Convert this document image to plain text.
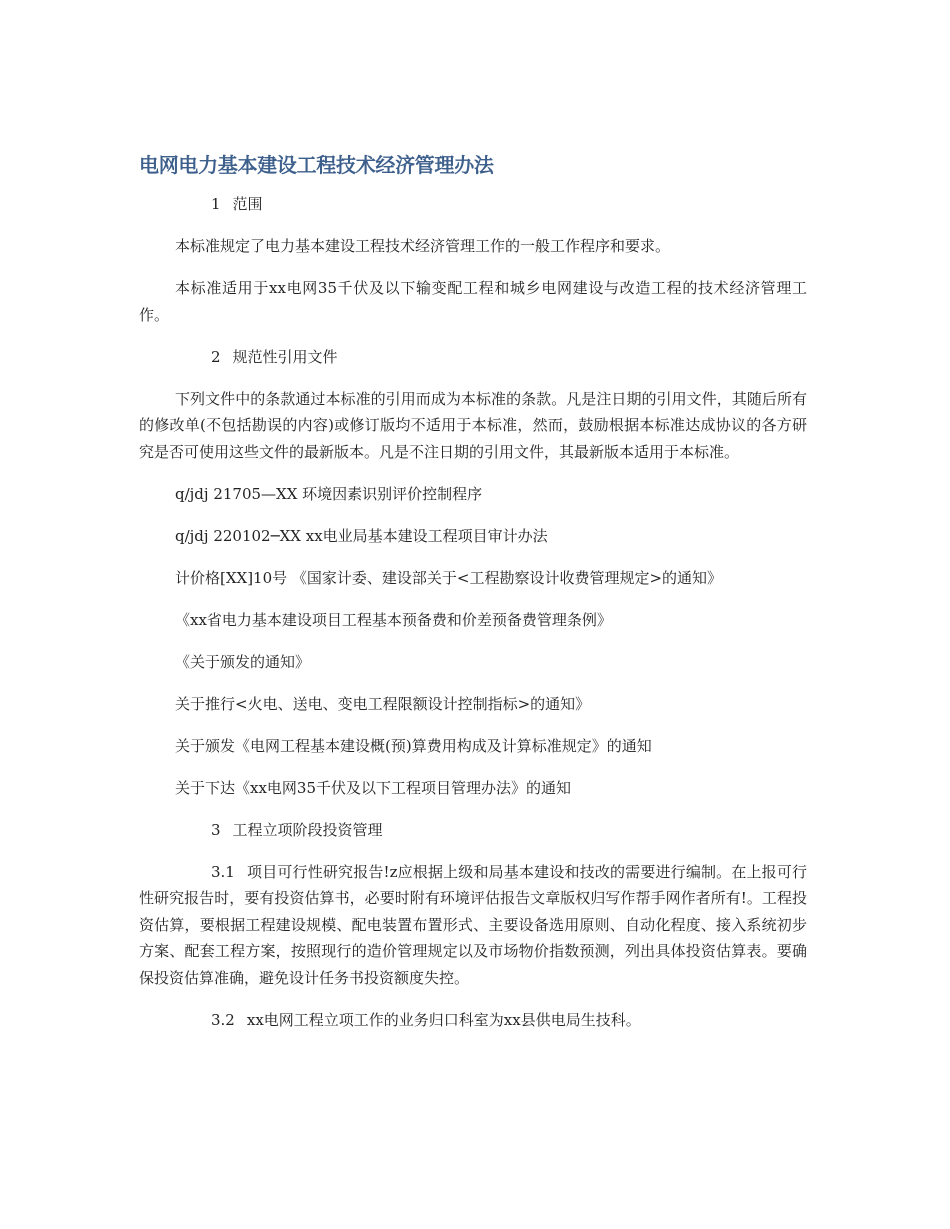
电网电力基本建设工程技术经济管理办法

1 范围

本标准规定了电力基本建设工程技术经济管理工作的一般工作程序和要求。

本标准适用于xx电网35千伏及以下输变配工程和城乡电网建设与改造工程的技术经济管理工作。

2 规范性引用文件

下列文件中的条款通过本标准的引用而成为本标准的条款。凡是注日期的引用文件，其随后所有的修改单(不包括勘误的内容)或修订版均不适用于本标准，然而，鼓励根据本标准达成协议的各方研究是否可使用这些文件的最新版本。凡是不注日期的引用文件，其最新版本适用于本标准。

q/jdj 21705—XX 环境因素识别评价控制程序

q/jdj 220102─XX xx电业局基本建设工程项目审计办法

计价格[XX]10号 《国家计委、建设部关于<工程勘察设计收费管理规定>的通知》

《xx省电力基本建设项目工程基本预备费和价差预备费管理条例》

《关于颁发的通知》

关于推行<火电、送电、变电工程限额设计控制指标>的通知》

关于颁发《电网工程基本建设概(预)算费用构成及计算标准规定》的通知

关于下达《xx电网35千伏及以下工程项目管理办法》的通知

3 工程立项阶段投资管理

3.1 项目可行性研究报告!z应根据上级和局基本建设和技改的需要进行编制。在上报可行性研究报告时，要有投资估算书，必要时附有环境评估报告文章版权归写作帮手网作者所有!。工程投资估算，要根据工程建设规模、配电装置布置形式、主要设备选用原则、自动化程度、接入系统初步方案、配套工程方案，按照现行的造价管理规定以及市场物价指数预测，列出具体投资估算表。要确保投资估算准确，避免设计任务书投资额度失控。

3.2 xx电网工程立项工作的业务归口科室为xx县供电局生技科。
